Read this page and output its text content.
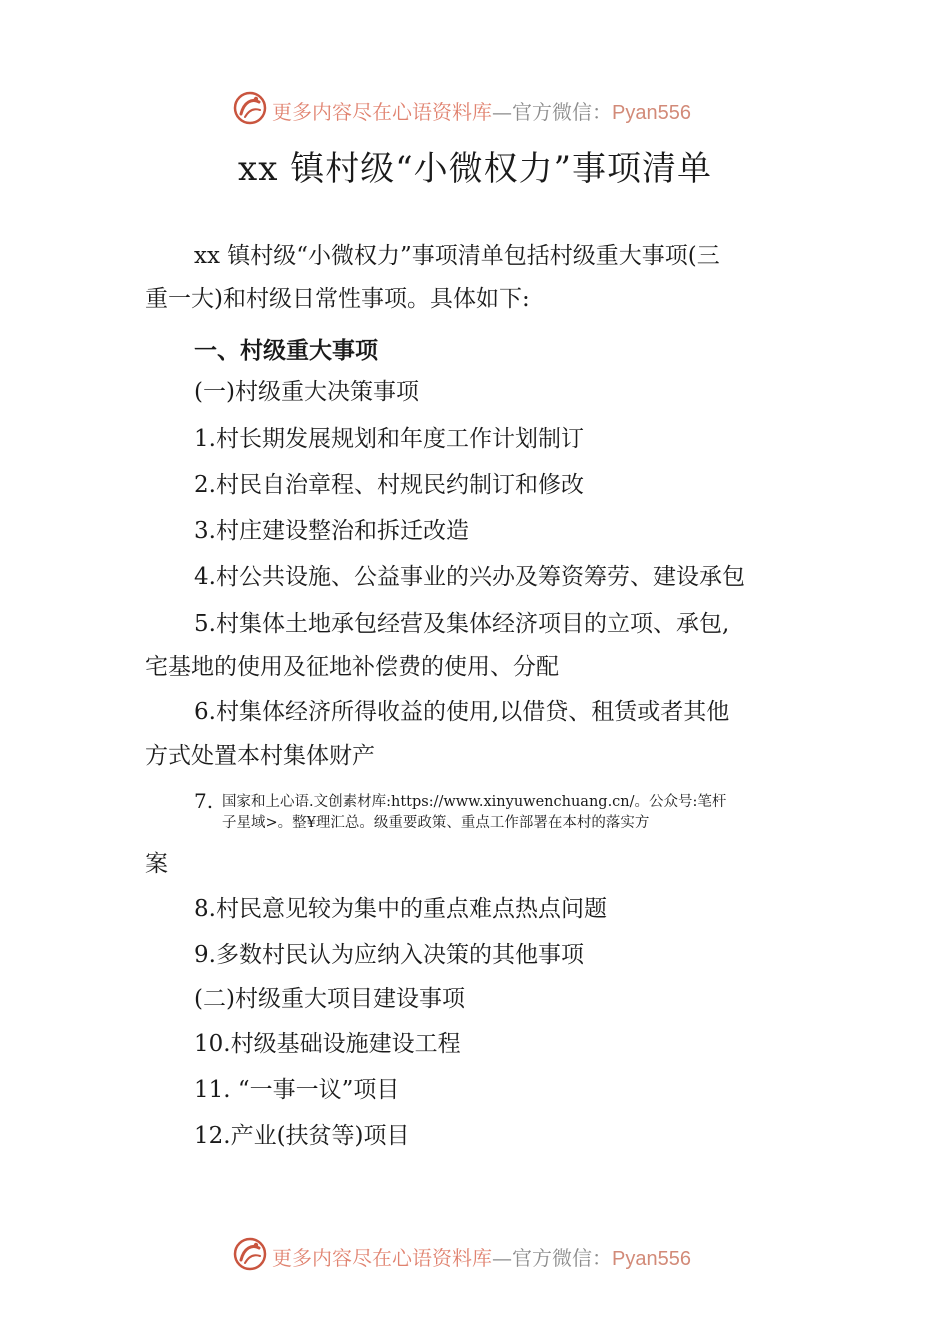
更多内容尽在心语资料库—官方微信：Pyan556
xx 镇村级“小微权力”事项清单
xx 镇村级“小微权力”事项清单包括村级重大事项(三
重一大)和村级日常性事项。具体如下:
一、村级重大事项
(一)村级重大决策事项
1.村长期发展规划和年度工作计划制订
2.村民自治章程、村规民约制订和修改
3.村庄建设整治和拆迁改造
4.村公共设施、公益事业的兴办及筹资筹劳、建设承包
5.村集体土地承包经营及集体经济项目的立项、承包,
宅基地的使用及征地补偿费的使用、分配
6.村集体经济所得收益的使用,以借贷、租赁或者其他
方式处置本村集体财产
7. 国家和上心语.文创素材库:https://www.xinyuwenchuang.cn/。公众号:笔杆
子星域>。整¥理汇总。级重要政策、重点工作部署在本村的落实方
案
8.村民意见较为集中的重点难点热点问题
9.多数村民认为应纳入决策的其他事项
(二)村级重大项目建设事项
10.村级基础设施建设工程
11. “一事一议”项目
12.产业(扶贫等)项目
更多内容尽在心语资料库—官方微信：Pyan556
